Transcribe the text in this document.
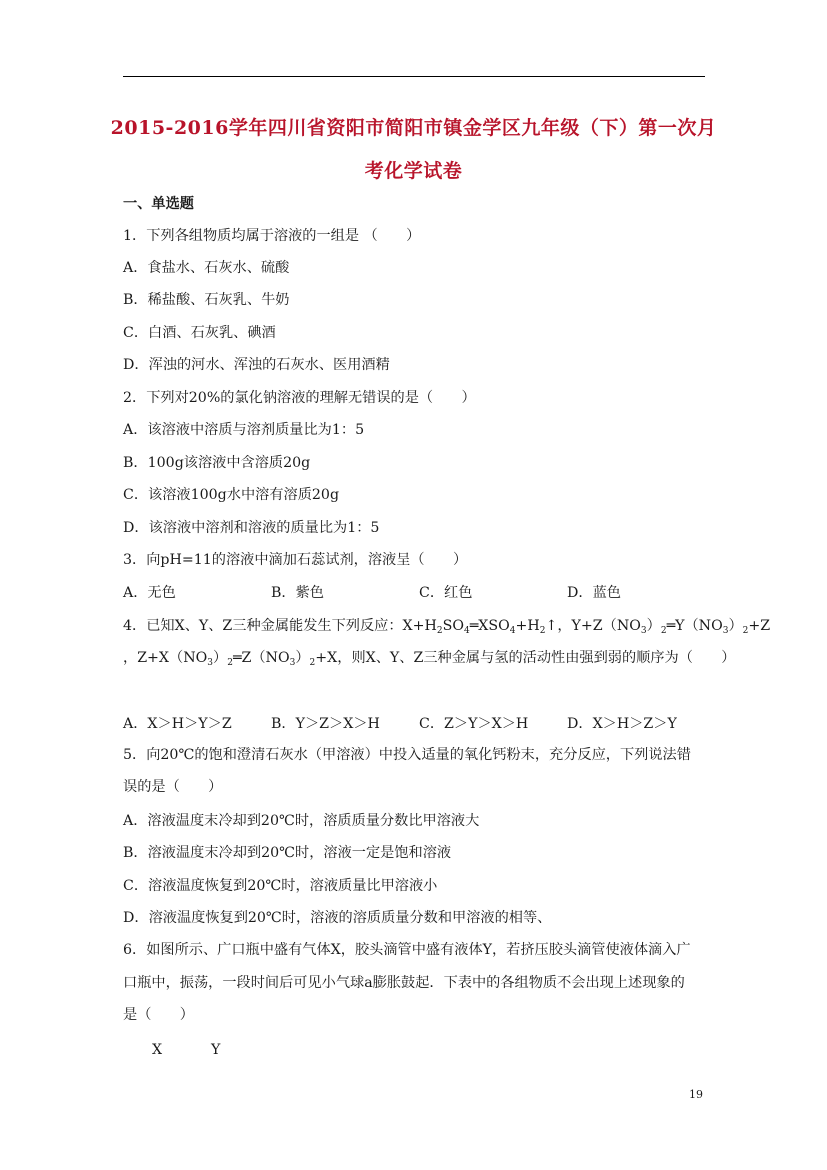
2015-2016学年四川省资阳市简阳市镇金学区九年级（下）第一次月
考化学试卷
一、单选题
1．下列各组物质均属于溶液的一组是 （　　）
A．食盐水、石灰水、硫酸
B．稀盐酸、石灰乳、牛奶
C．白酒、石灰乳、碘酒
D．浑浊的河水、浑浊的石灰水、医用酒精
2．下列对20%的氯化钠溶液的理解无错误的是（　　）
A．该溶液中溶质与溶剂质量比为1：5
B．100g该溶液中含溶质20g
C．该溶液100g水中溶有溶质20g
D．该溶液中溶剂和溶液的质量比为1：5
3．向pH=11的溶液中滴加石蕊试剂，溶液呈（　　）
A．无色	B．紫色	C．红色	D．蓝色
4．已知X、Y、Z三种金属能发生下列反应：$X+H_2SO_4═XSO_4+H_2↑$，$Y+Z(NO_3)_2═Y(NO_3)_2+Z$
，$Z+X(NO_3)_2═Z(NO_3)_2+X$，则X、Y、Z三种金属与氢的活动性由强到弱的顺序为（　　）
A．X＞H＞Y＞Z	B．Y＞Z＞X＞H	C．Z＞Y＞X＞H	D．X＞H＞Z＞Y
5．向20℃的饱和澄清石灰水（甲溶液）中投入适量的氧化钙粉末，充分反应，下列说法错
误的是（　　）
A．溶液温度末冷却到20℃时，溶质质量分数比甲溶液大
B．溶液温度末冷却到20℃时，溶液一定是饱和溶液
C．溶液温度恢复到20℃时，溶液质量比甲溶液小
D．溶液温度恢复到20℃时，溶液的溶质质量分数和甲溶液的相等、
6．如图所示、广口瓶中盛有气体X，胶头滴管中盛有液体Y，若挤压胶头滴管使液体滴入广
口瓶中，振荡，一段时间后可见小气球a膨胀鼓起．下表中的各组物质不会出现上述现象的
是（　　）
X	Y
19
